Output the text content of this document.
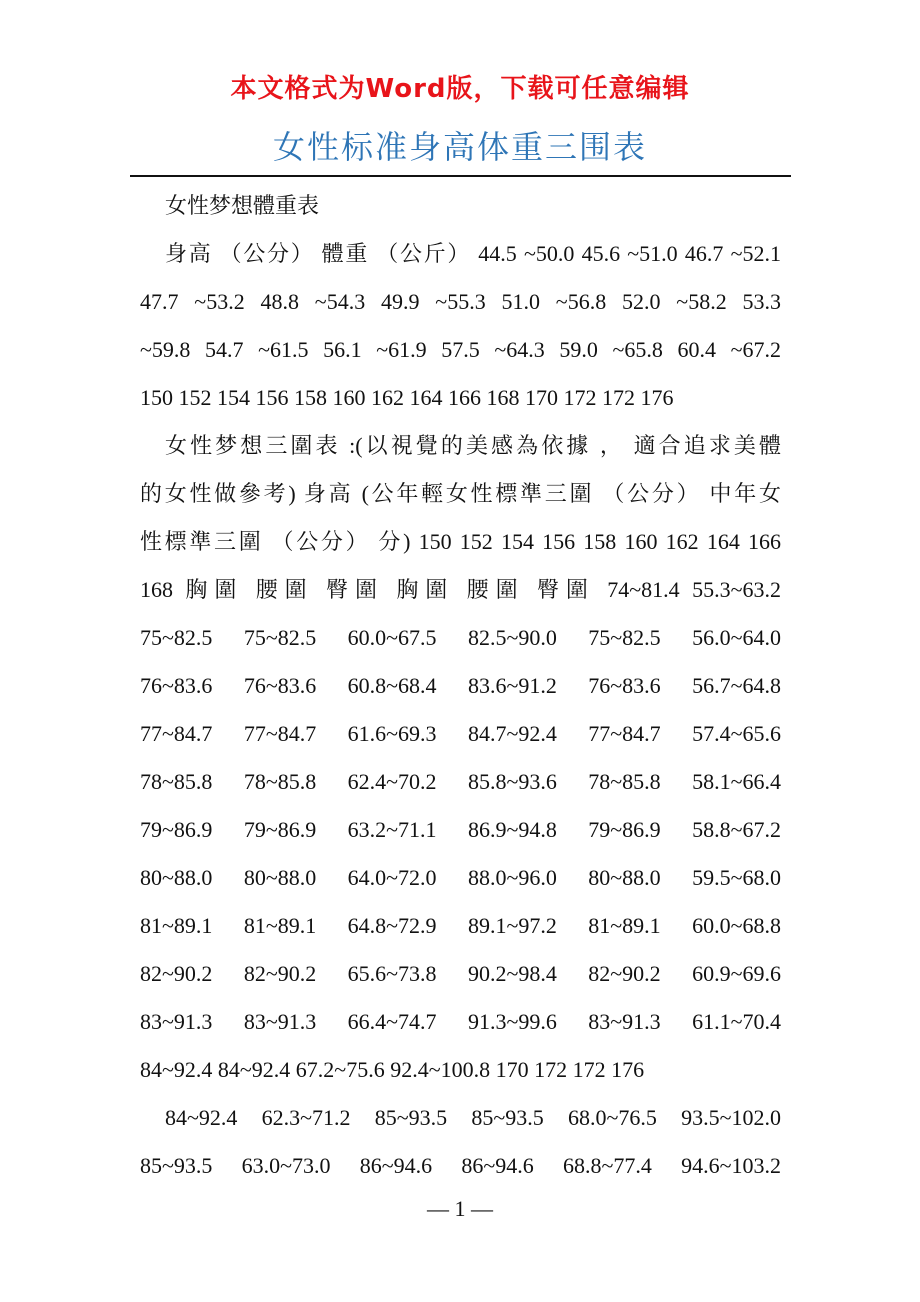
本文格式为Word版，下载可任意编辑
女性标准身高体重三围表
女性梦想體重表
身高 （公分） 體重 （公斤） 44.5 ~50.0 45.6 ~51.0 46.7 ~52.1
47.7 ~53.2 48.8 ~54.3 49.9 ~55.3 51.0 ~56.8 52.0 ~58.2 53.3
~59.8 54.7 ~61.5 56.1 ~61.9 57.5 ~64.3 59.0 ~65.8 60.4 ~67.2
150 152 154 156 158 160 162 164 166 168 170 172 172 176
女性梦想三圍表 :(以視覺的美感為依據 ， 適合追求美體
的女性做參考) 身高 (公年輕女性標準三圍 （公分） 中年女
性標準三圍 （公分） 分) 150 152 154 156 158 160 162 164 166
168 胸圍 腰圍 臀圍 胸圍 腰圍 臀圍 74~81.4 55.3~63.2
75~82.5 75~82.5 60.0~67.5 82.5~90.0 75~82.5 56.0~64.0
76~83.6 76~83.6 60.8~68.4 83.6~91.2 76~83.6 56.7~64.8
77~84.7 77~84.7 61.6~69.3 84.7~92.4 77~84.7 57.4~65.6
78~85.8 78~85.8 62.4~70.2 85.8~93.6 78~85.8 58.1~66.4
79~86.9 79~86.9 63.2~71.1 86.9~94.8 79~86.9 58.8~67.2
80~88.0 80~88.0 64.0~72.0 88.0~96.0 80~88.0 59.5~68.0
81~89.1 81~89.1 64.8~72.9 89.1~97.2 81~89.1 60.0~68.8
82~90.2 82~90.2 65.6~73.8 90.2~98.4 82~90.2 60.9~69.6
83~91.3 83~91.3 66.4~74.7 91.3~99.6 83~91.3 61.1~70.4
84~92.4 84~92.4 67.2~75.6 92.4~100.8 170 172 172 176
84~92.4 62.3~71.2 85~93.5 85~93.5 68.0~76.5 93.5~102.0
85~93.5 63.0~73.0 86~94.6 86~94.6 68.8~77.4 94.6~103.2
— 1 —
